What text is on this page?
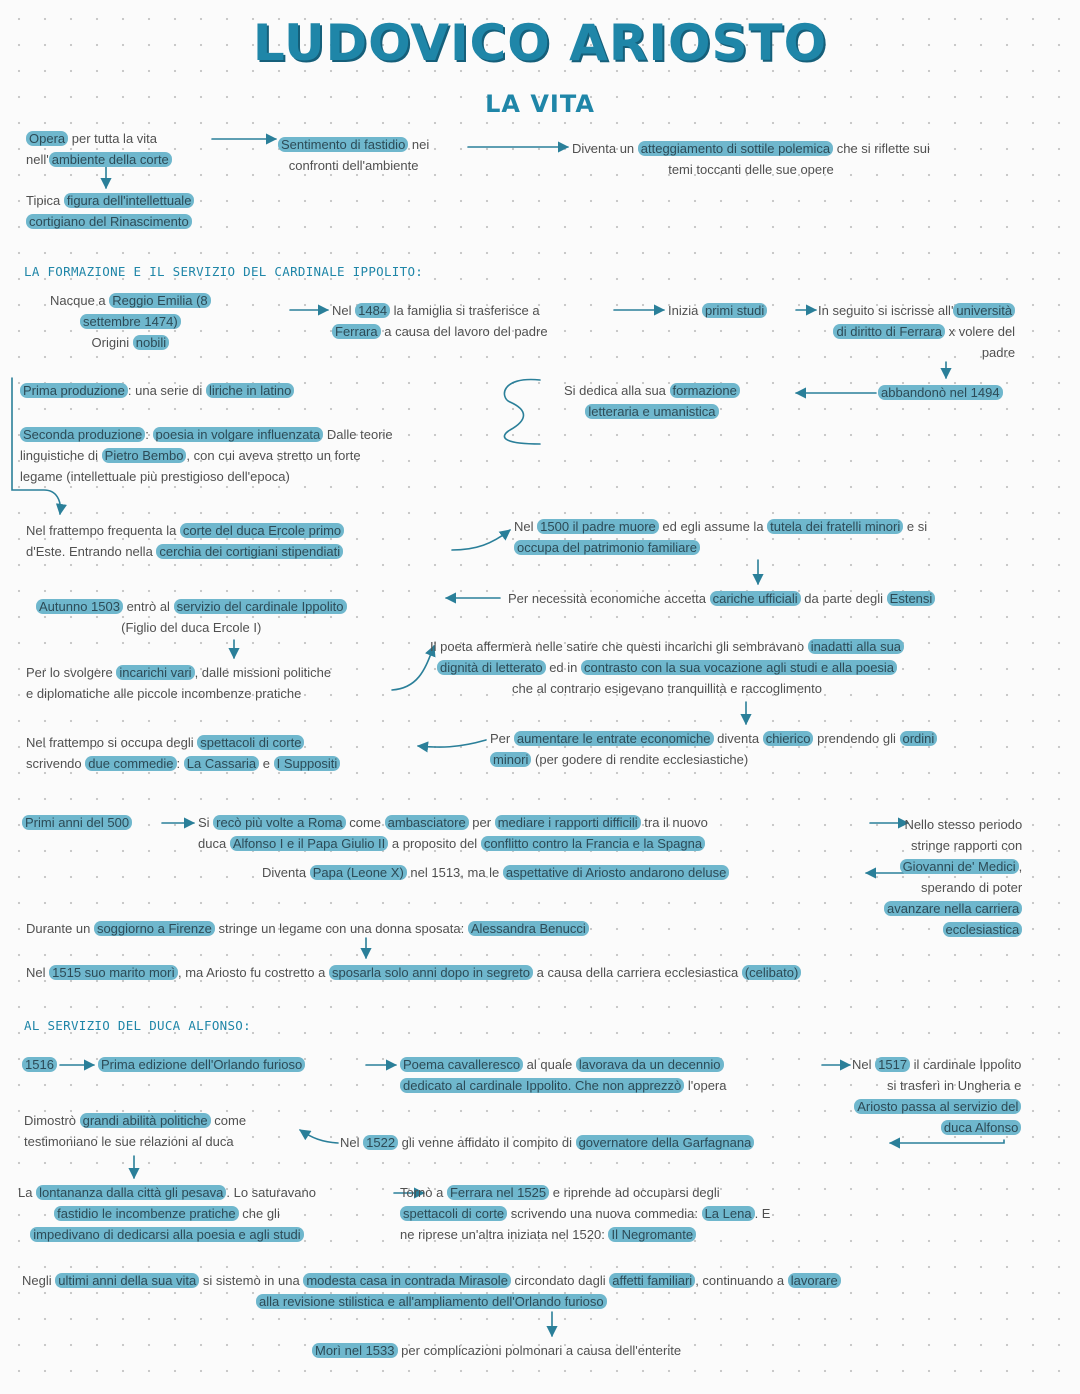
LUDOVICO ARIOSTO
LA VITA
LA FORMAZIONE E IL SERVIZIO DEL CARDINALE IPPOLITO:
AL SERVIZIO DEL DUCA ALFONSO:
Opera per tutta la vita
nell' ambiente della corte
Tipica figura dell'intellettuale
cortigiano del Rinascimento
Sentimento di fastidio nei
confronti dell'ambiente
Diventa un atteggiamento di sottile polemica che si riflette sui
temi toccanti delle sue opere
Nacque a Reggio Emilia (8
settembre 1474)
Origini nobili
Nel 1484 la famiglia si trasferisce a
Ferrara a causa del lavoro del padre
Inizia primi studi	In seguito si iscrisse all' università
di diritto di Ferrara x volere del
padre
abbandonò nel 1494
Si dedica alla sua formazione
letteraria e umanistica
Prima produzione : una serie di liriche in latino
Seconda produzione : poesia in volgare influenzata Dalle teorie
linguistiche di Pietro Bembo , con cui aveva stretto un forte
legame (intellettuale più prestigioso dell'epoca)
Nel frattempo frequenta la corte del duca Ercole primo
d'Este. Entrando nella cerchia dei cortigiani stipendiati
Nel 1500 il padre muore ed egli assume la tutela dei fratelli minori e si
occupa del patrimonio familiare
Per necessità economiche accetta cariche ufficiali da parte degli Estensi
Autunno 1503 entrò al servizio del cardinale Ippolito
(Figlio del duca Ercole I)
Il poeta affermerà nelle satire che questi incarichi gli sembravano inadatti alla sua
dignità di letterato ed in contrasto con la sua vocazione agli studi e alla poesia
che al contrario esigevano tranquillità e raccoglimento
Per lo svolgere incarichi vari , dalle missioni politiche
e diplomatiche alle piccole incombenze pratiche
Per aumentare le entrate economiche diventa chierico prendendo gli ordini
minori (per godere di rendite ecclesiastiche)
Nel frattempo si occupa degli spettacoli di corte
scrivendo due commedie : La Cassaria e I Suppositi
Primi anni del 500	Si recò più volte a Roma come ambasciatore per mediare i rapporti difficili tra il nuovo
duca Alfonso I e il Papa Giulio II a proposito del conflitto contro la Francia e la Spagna
Nello stesso periodo
stringe rapporti con
Giovanni de' Medici ,
sperando di poter
avanzare nella carriera
ecclesiastica
Diventa Papa (Leone X) nel 1513, ma le aspettative di Ariosto andarono deluse
Durante un soggiorno a Firenze stringe un legame con una donna sposata: Alessandra Benucci
Nel 1515 suo marito morì , ma Ariosto fu costretto a sposarla solo anni dopo in segreto a causa della carriera ecclesiastica (celibato)
1516	Prima edizione dell'Orlando furioso	Poema cavalleresco al quale lavorava da un decennio
dedicato al cardinale Ippolito. Che non apprezzò l'opera
Nel 1517 il cardinale Ippolito
si trasferì in Ungheria e
Ariosto passa al servizio del
duca Alfonso
Dimostrò grandi abilità politiche come
testimoniano le sue relazioni al duca	Nel 1522 gli venne affidato il compito di governatore della Garfagnana
La lontananza dalla città gli pesava . Lo saturavano
fastidio le incombenze pratiche che gli
impedivano di dedicarsi alla poesia e agli studi
Tornò a Ferrara nel 1525 e riprende ad occuparsi degli
spettacoli di corte scrivendo una nuova commedia: La Lena . E
ne riprese un'altra iniziata nel 1520: Il Negromante
Negli ultimi anni della sua vita si sistemò in una modesta casa in contrada Mirasole circondato dagli affetti familiari , continuando a lavorare
alla revisione stilistica e all'ampliamento dell'Orlando furioso
Morì nel 1533 per complicazioni polmonari a causa dell'enterite
